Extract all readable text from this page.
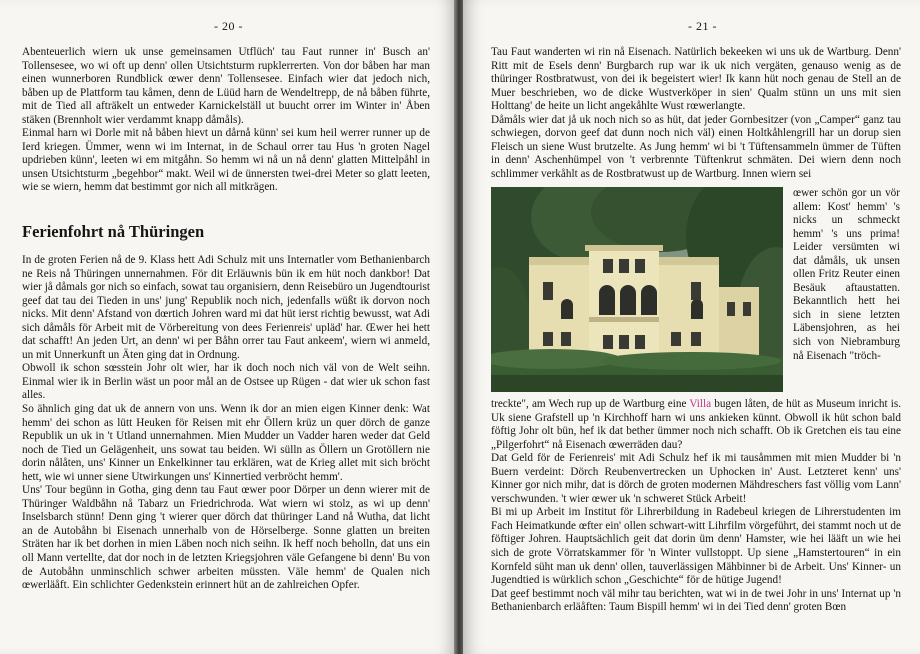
- 20 -

Abenteuerlich wiern uk unse gemeinsamen Utflüch' tau Faut runner in' Busch an' Tollensesee, wo wi oft up denn' ollen Utsichtsturm rupklerrerten. Von dor båben har man einen wunnerboren Rundblick œwer denn' Tollensesee. Einfach wier dat jedoch nich, båben up de Plattform tau kåmen, denn de Lüüd harn de Wendeltrepp, de nå båben führte, mit de Tied all afträkelt un entweder Karnickelställ ut buucht orrer im Winter in' Åben stäken (Brennholt wier verdammt knapp dåmåls).

Einmal harn wi Dorle mit nå båben hievt un dårnå künn' sei kum heil werrer runner up de Ierd kriegen. Ümmer, wenn wi im Internat, in de Schaul orrer tau Hus 'n groten Nagel updrieben künn', leeten wi em mitgåhn. So hemm wi nå un nå denn' glatten Mittelpåhl in unsen Utsichtsturm „begehbor“ makt. Weil wi de ünnersten twei-drei Meter so glatt leeten, wie se wiern, hemm dat bestimmt gor nich all mitkrägen.

Ferienfohrt nå Thüringen

In de groten Ferien nå de 9. Klass hett Adi Schulz mit uns Internatler vom Bethanienbarch ne Reis nå Thüringen unnernahmen. För dit Erläuwnis bün ik em hüt noch dankbor! Dat wier jå dåmals gor nich so einfach, sowat tau organisiern, denn Reisebüro un Jugendtourist geef dat tau dei Tieden in uns' jung' Republik noch nich, jedenfalls wüßt ik dorvon noch nicks. Mit denn' Afstand von dœrtich Johren ward mi dat hüt ierst richtig bewusst, wat Adi sich dåmåls för Arbeit mit de Vörbereitung von dees Ferienreis' upläd' har. Œwer hei hett dat schafft! An jeden Urt, an denn' wi per Båhn orrer tau Faut ankeem', wiern wi anmeld, un mit Unnerkunft un Äten ging dat in Ordnung.

Obwoll ik schon sœsstein Johr olt wier, har ik doch noch nich väl von de Welt seihn. Einmal wier ik in Berlin wäst un poor mål an de Ostsee up Rügen - dat wier uk schon fast alles.

So ähnlich ging dat uk de annern von uns. Wenn ik dor an mien eigen Kinner denk: Wat hemm' dei schon as lütt Heuken för Reisen mit ehr Öllern krüz un quer dörch de ganze Republik un uk in 't Utland unnernahmen. Mien Mudder un Vadder haren weder dat Geld noch de Tied un Gelägenheit, uns sowat tau beiden. Wi sülln as Öllern un Grotöllern nie dorin nålåten, uns' Kinner un Enkelkinner tau erklären, wat de Krieg allet mit sich bröcht hett, wie wi unner siene Utwirkungen uns' Kinnertied verbröcht hemm'.

Uns' Tour begünn in Gotha, ging denn tau Faut œwer poor Dörper un denn wierer mit de Thüringer Waldbåhn nå Tabarz un Friedrichroda. Wat wiern wi stolz, as wi up denn' Inselsbarch stünn! Denn ging 't wierer quer dörch dat thüringer Land nå Wutha, dat licht an de Autobåhn bi Eisenach unnerhalb von de Hörselberge. Sonne glatten un breiten Sträten har ik bet dorhen in mien Läben noch nich seihn. Ik heff noch beholln, dat uns ein oll Mann vertellte, dat dor noch in de letzten Kriegsjohren väle Gefangene bi denn' Bu von de Autobåhn unminschlich schwer arbeiten müssten. Väle hemm' de Qualen nich œwerläåft. Ein schlichter Gedenkstein erinnert hüt an de zahlreichen Opfer.

- 21 -

Tau Faut wanderten wi rin nå Eisenach. Natürlich bekeeken wi uns uk de Wartburg. Denn' Ritt mit de Esels denn' Burgbarch rup war ik uk nich vergäten, genauso wenig as de thüringer Rostbratwust, von dei ik begeistert wier! Ik kann hüt noch genau de Stell an de Muer beschrieben, wo de dicke Wustverköper in sien' Qualm stünn un uns mit sien Holttang' de heite un licht angekåhlte Wust rœwerlangte.

Dåmåls wier dat jå uk noch nich so as hüt, dat jeder Gornbesitzer (von „Camper“ ganz tau schwiegen, dorvon geef dat dunn noch nich väl) einen Holtkåhlengrill har un dorup sien Fleisch un siene Wust brutzelte. As Jung hemm' wi bi 't Tüftensammeln ümmer de Tüften in denn' Aschenhümpel von 't verbrennte Tüftenkrut schmäten. Dei wiern denn noch schlimmer verkåhlt as de Rostbratwust up de Wartburg. Innen wiern sei

œwer schön gor un vör allem: Kost' hemm' 's nicks un schmeckt hemm' 's uns prima! Leider versümten wi dat dåmåls, uk unsen ollen Fritz Reuter einen Besäuk aftaustatten. Bekanntlich hett hei sich in siene letzten Läbensjohren, as hei sich von Niebramburg nå Eisenach "tröch-

treckte", am Wech rup up de Wartburg eine Villa bugen låten, de hüt as Museum inricht is. Uk siene Grafstell up 'n Kirchhoff harn wi uns ankieken künnt. Obwoll ik hüt schon bald föftig Johr olt bün, hef ik dat bether ümmer noch nich schafft. Ob ik Gretchen eis tau eine „Pilgerfohrt“ nå Eisenach œwerräden dau?

Dat Geld för de Ferienreis' mit Adi Schulz hef ik mi tausåmmen mit mien Mudder bi 'n Buern verdeint: Dörch Reubenvertrecken un Uphocken in' Aust. Letzteret kenn' uns' Kinner gor nich mihr, dat is dörch de groten modernen Mähdreschers fast völlig vom Lann' verschwunden. 't wier œwer uk 'n schweret Stück Arbeit!

Bi mi up Arbeit im Institut för Lihrerbildung in Radebeul kriegen de Lihrerstudenten im Fach Heimatkunde œfter ein' ollen schwart-witt Lihrfilm vörgeführt, dei stammt noch ut de föftiger Johren. Hauptsächlich geit dat dorin üm denn' Hamster, wie hei lääft un wie hei sich de grote Vörratskammer för 'n Winter vullstoppt. Up siene „Hamstertouren“ in ein Kornfeld süht man uk denn' ollen, tauverlässigen Mähbinner bi de Arbeit. Uns' Kinner- un Jugendtied is würklich schon „Geschichte“ för de hütige Jugend!

Dat geef bestimmt noch väl mihr tau berichten, wat wi in de twei Johr in uns' Internat up 'n Bethanienbarch erläåften: Taum Bispill hemm' wi in dei Tied denn' groten Bœn
